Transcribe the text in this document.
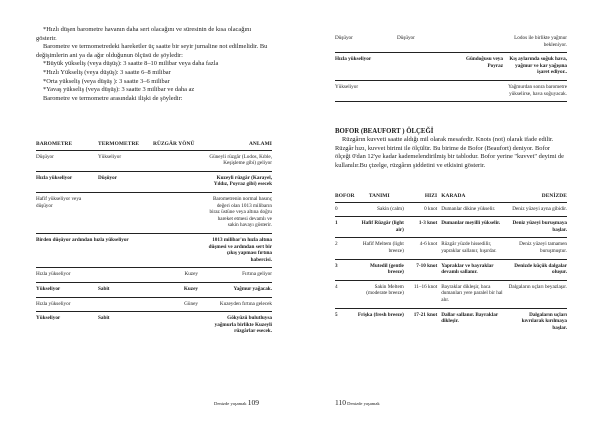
*Hızlı düşen barometre havanın daha sert olacağını ve süresinin de kısa olacağını gösterir.

Barometre ve termometredeki hareketler üç saatte bir seyir jurnaline not edilmelidir. Bu değişimlerin ani ya da ağır olduğunun ölçüsü de şöyledir:

*Büyük yükseliş (veya düşüş): 3 saatte 8–10 milibar veya daha fazla

*Hızlı Yükseliş (veya düşüş): 3 saatte 6–8 milibar

*Orta yükseliş (veya düşüş ): 3 saatte 3–6 milibar

*Yavaş yükseliş (veya düşüş): 3 saatte 3 milibar ve daha az

Barometre ve termometre arasındaki ilişki de şöyledir:

BAROMETRE	TERMOMETRE	RÜZGÂR YÖNÜ	ANLAMI
Düşüyor	Yükseliyor		Güneyli rüzgâr (Lodos, Kıble, Keşişleme gibi) geliyor
Hızla yükseliyor	Düşüyor		Kuzeyli rüzgâr (Karayel, Yıldız, Poyraz gibi) esecek
Hafif yükseliyor veya düşüyor			Barometrenin normal basınç değeri olan 1013 milibarın biraz üstüne veya altına doğru hareket etmesi devamlı ve sakin havayı gösterir.
Birden düşüyor ardından hızla yükseliyor			1013 milibar'ın hızla altına düşmesi ve ardından sert bir çıkış yapması fırtına habercisi.
Hızla yükseliyor		Kuzey	Fırtına geliyor
Yükseliyor	Sabit	Kuzey	Yağmur yağacak.
Hızla yükseliyor		Güney	Kuzeyden fırtına gelecek
Yükseliyor	Sabit		Gökyüzü bulutluysa yağmurla birlikte Kuzeyli rüzgârlar esecek.
Denizde yaşamak 109
Düşüyor	Düşüyor		Lodos ile birlikte yağmur bekleniyor.
Hızla yükseliyor		Gündoğusu veya Poyraz	Kış aylarında soğuk hava, yağmur ve kar yağışına işaret ediyor..
Yükseliyor			Yağmurdan sonra barometre yükselirse, hava soğuyacak.
BOFOR (BEAUFORT ) ÖLÇEĞİ

Rüzgârın kuvveti saatte aldığı mil olarak mesafedir. Knots (not) olarak ifade edilir. Rüzgâr hızı, kuvvet birimi ile ölçülür. Bu birime de Bofor (Beaufort) deniyor. Bofor ölçeği 0'dan 12'ye kadar kademelendirilmiş bir tablodur. Bofor yerine "kuvvet" deyimi de kullanılır.Bu çizelge, rüzgârın şiddetini ve etkisini gösterir.

BOFOR	TANIMI	HIZI	KARADA	DENİZDE
0	Sakin (calm)	0 knot	Dumanlar dikine yükselir.	Deniz yüzeyi ayna gibidir.
1	Hafif Rüzgâr (light air)	1-3 knot	Dumanlar meyilli yükselir.	Deniz yüzeyi buruşmaya başlar.
2	Hafif Meltem (light breeze)	4-6 knot	Rüzgâr yüzde hissedilir, yapraklar sallanır, hışırdar.	Deniz yüzeyi tamamen buruşmuştur.
3	Mutedil (gentle breeze)	7-10 knot	Yapraklar ve bayraklar devamlı sallanır.	Denizde küçük dalgalar oluşur.
4	Sakin Meltem (moderate breeze)	11–16 knot	Bayraklar dikleşir, baca dumanları yere paralel bir hal alır.	Dalgaların uçları beyazlaşır.
5	Frişka (fresh breeze)	17-21 knot	Dallar sallanır. Bayraklar dikleşir.	Dalgaların uçları kıvrılarak kırılmaya başlar.
110 Denizde yaşamak
